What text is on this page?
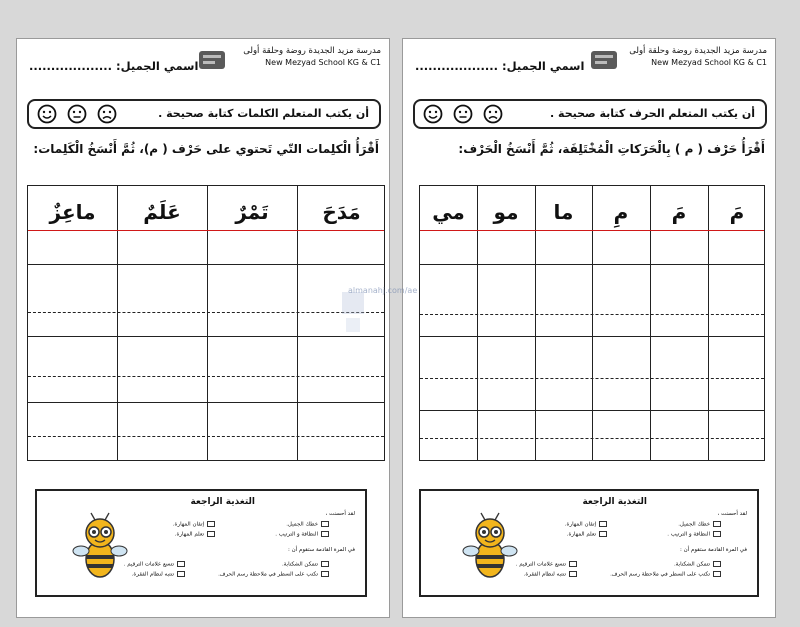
مدرسة مزيد الجديدة روضة وحلقة أولى
New Mezyad School KG & C1
اسمي الجميل: ...................
أن يكتب المتعلم الكلمات كتابة صحيحة .
أَقْرَأُ الْكلِمات التّي تَحتوي على حَرْف ( م)، ثُمَّ أَنْسَخُ الْكَلِمات:
مَدَحَ
تَمْرٌ
عَلَمٌ
ماعِزٌ
التغذية الراجعة
لقد أحسنت ،
خطك الجميل.
النظافة و الترتيب .
إتقان المهارة.
تعلم المهارة.
في المرة القادمة ستقوم أن :
تتمكن الشكتابة.
تكتب على السطر في ملاحظة رسم الحرف.
تتسع علامات الترقيم .
تنتبه لنظام الفقرة.
مدرسة مزيد الجديدة روضة وحلقة أولى
New Mezyad School KG & C1
اسمي الجميل: ...................
أن يكتب المتعلم الحرف كتابة صحيحة .
أَقْرَأُ حَرْف ( م ) بِالْحَرَكاتِ الْمُخْتَلِفَة، ثُمَّ أَنْسَخُ الْحَرْف:
مَ
مَ
مِ
ما
مو
مي
التغذية الراجعة
لقد أحسنت ،
خطك الجميل.
النظافة و الترتيب .
إتقان المهارة.
تعلم المهارة.
في المرة القادمة ستقوم أن :
تتمكن الشكتابة.
تكتب على السطر في ملاحظة رسم الحرف.
تتسع علامات الترقيم .
تنتبه لنظام الفقرة.
almanahj.com/ae
